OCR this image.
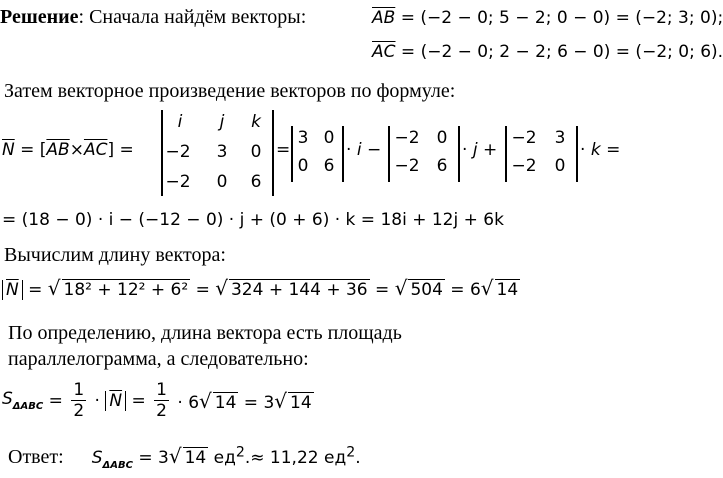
Решение: Сначала найдём векторы:	$\overline{AB} = (-2 - 0$; 5 − 2; 0 − 0) = (−2; 3; 0);
$\overline{AC} = (-2 - 0$; 2 − 2; 6 − 0) = (−2; 0; 6).
Затем векторное произведение векторов по формуле:
$\overline{N} = [\overline{AB}\times\overline{AC}]$ =
i	j	k
−2 3 0
−2 0 6
=
3 0
0 6
· i −
−2 0
−2 6
· j +
−2 3
−2 0
· k =
= (18 − 0) · i − (−12 − 0) · j + (0 + 6) · k = 18i + 12j + 6k
Вычислим длину вектора:
$\overline{N}$ = √ 18² + 12² + 6² = √ 324 + 144 + 36 = √ 504 = 6√ 14
По определению, длина вектора есть площадь
параллелограмма, а следовательно:
$S_{\Delta ABC} = \frac{1}{2} \cdot \overline{N} = \frac{1}{2} \cdot 6√$ 14 = 3√ 14
Ответ: $S_{\Delta ABC} = 3√$ 14 $ед^2.\approx 11,22$ $ед^2$.
